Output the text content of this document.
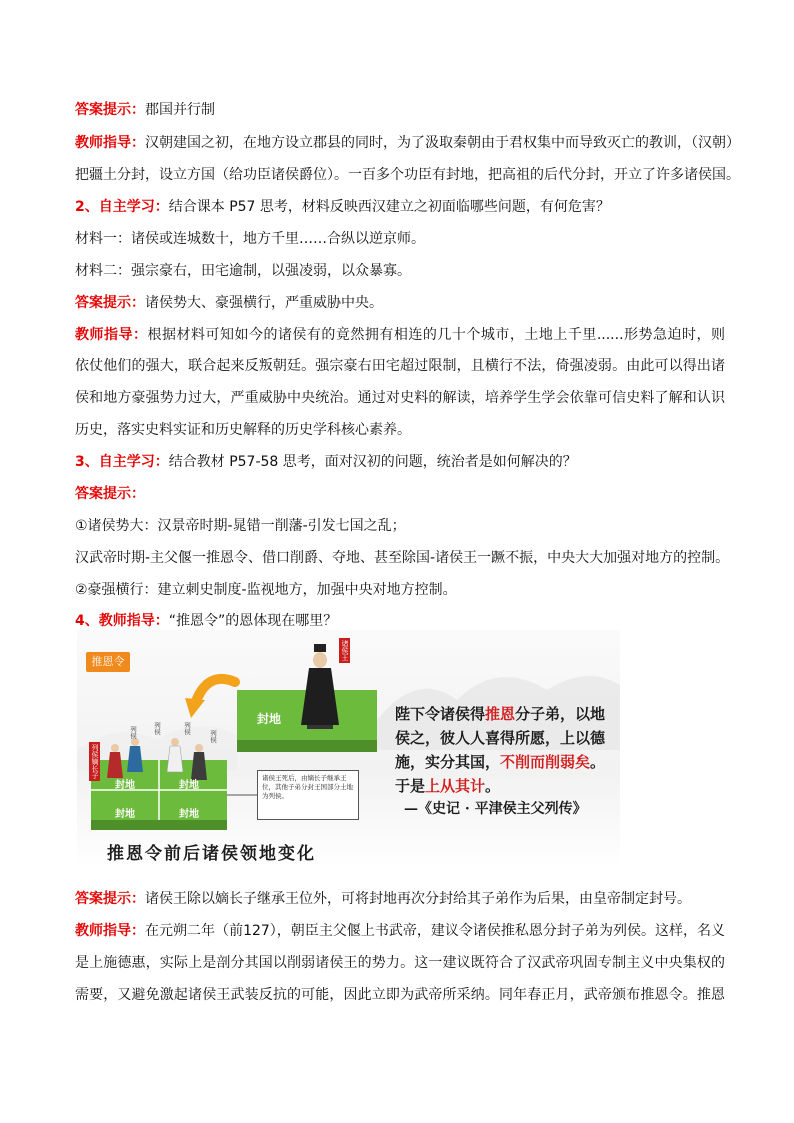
答案提示：郡国并行制
教师指导：汉朝建国之初，在地方设立郡县的同时，为了汲取秦朝由于君权集中而导致灭亡的教训，（汉朝）
把疆土分封，设立方国（给功臣诸侯爵位）。一百多个功臣有封地，把高祖的后代分封，开立了许多诸侯国。
2、自主学习：结合课本 P57 思考，材料反映西汉建立之初面临哪些问题，有何危害？
材料一：诸侯或连城数十，地方千里……合纵以逆京师。
材料二：强宗豪右，田宅逾制，以强凌弱，以众暴寡。
答案提示：诸侯势大、豪强横行，严重威胁中央。
教师指导：根据材料可知如今的诸侯有的竟然拥有相连的几十个城市，土地上千里......形势急迫时，则
依仗他们的强大，联合起来反叛朝廷。强宗豪右田宅超过限制，且横行不法，倚强凌弱。由此可以得出诸
侯和地方豪强势力过大，严重威胁中央统治。通过对史料的解读，培养学生学会依靠可信史料了解和认识
历史，落实史料实证和历史解释的历史学科核心素养。
3、自主学习：结合教材 P57-58 思考，面对汉初的问题，统治者是如何解决的？
答案提示：
①诸侯势大：汉景帝时期-晁错一削藩-引发七国之乱；
汉武帝时期-主父偃一推恩令、借口削爵、夺地、甚至除国-诸侯王一蹶不振，中央大大加强对地方的控制。
②豪强横行：建立刺史制度-监视地方，加强中央对地方控制。
4、教师指导：“推恩令”的恩体现在哪里？
推恩令
诸侯王
列侯嫡长子
列侯 列侯	列侯
列侯
封地
封地	封地
封地	封地
诸侯王死后，由嫡长子继承王位，其他子弟分封王国部分土地为列侯。
陛下令诸侯得推恩分子弟，以地侯之，彼人人喜得所愿，上以德施，实分其国，不削而削弱矣。于是上从其计。
—《史记 · 平津侯主父列传》
推恩令前后诸侯领地变化
答案提示：诸侯王除以嫡长子继承王位外，可将封地再次分封给其子弟作为后果，由皇帝制定封号。
教师指导：在元朔二年（前127），朝臣主父偃上书武帝，建议令诸侯推私恩分封子弟为列侯。这样，名义
是上施德惠，实际上是剖分其国以削弱诸侯王的势力。这一建议既符合了汉武帝巩固专制主义中央集权的
需要，又避免激起诸侯王武装反抗的可能，因此立即为武帝所采纳。同年春正月，武帝颁布推恩令。推恩
